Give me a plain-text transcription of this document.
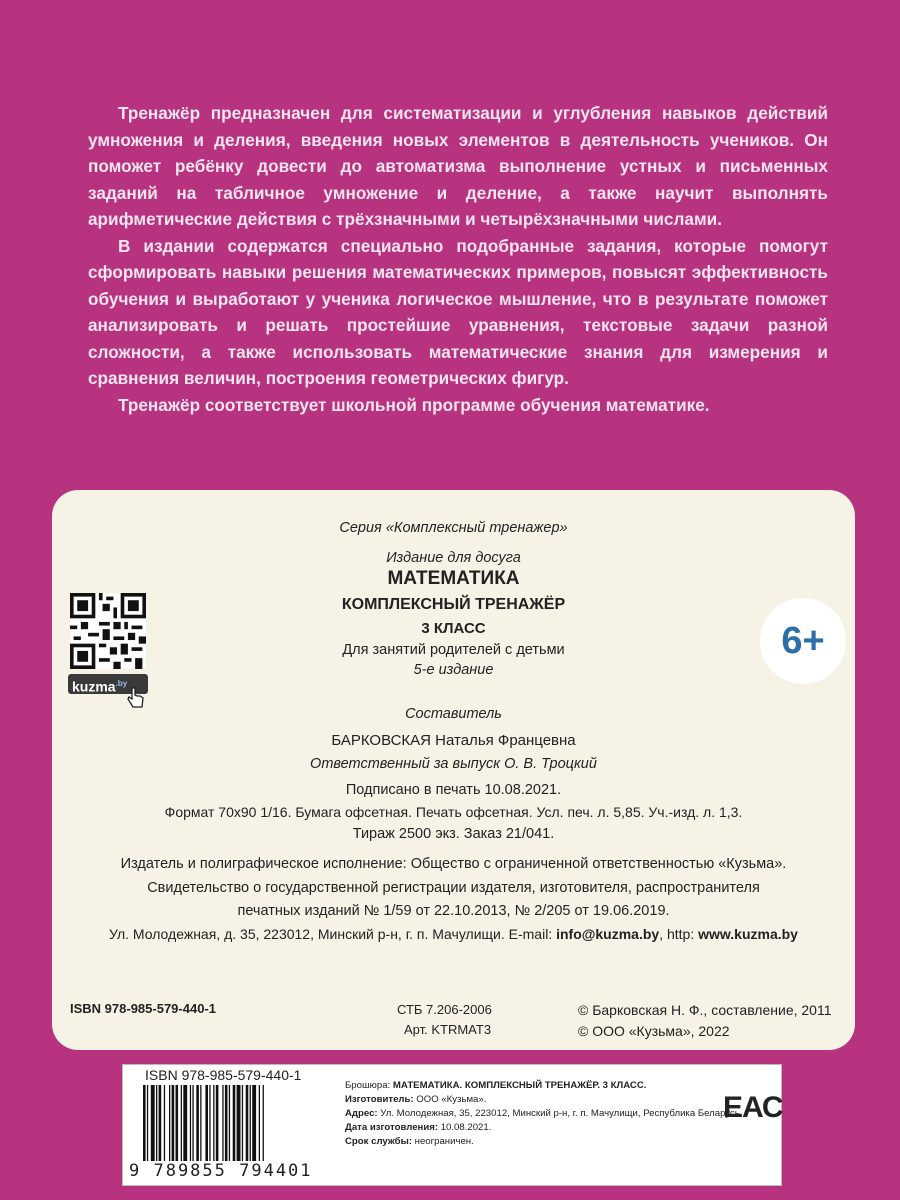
Тренажёр предназначен для систематизации и углубления навыков действий умножения и деления, введения новых элементов в деятельность учеников. Он поможет ребёнку довести до автоматизма выполнение устных и письменных заданий на табличное умножение и деление, а также научит выполнять арифметические действия с трёхзначными и четырёхзначными числами.

В издании содержатся специально подобранные задания, которые помогут сформировать навыки решения математических примеров, повысят эффективность обучения и выработают у ученика логическое мышление, что в результате поможет анализировать и решать простейшие уравнения, текстовые задачи разной сложности, а также использовать математические знания для измерения и сравнения величин, построения геометрических фигур.

Тренажёр соответствует школьной программе обучения математике.

Серия «Комплексный тренажер»
Издание для досуга
МАТЕМАТИКА
КОМПЛЕКСНЫЙ ТРЕНАЖЁР
3 КЛАСС
Для занятий родителей с детьми
5-е издание
Составитель
БАРКОВСКАЯ Наталья Францевна
Ответственный за выпуск О. В. Троцкий
Подписано в печать 10.08.2021.
Формат 70x90 1/16. Бумага офсетная. Печать офсетная. Усл. печ. л. 5,85. Уч.-изд. л. 1,3.
Тираж 2500 экз. Заказ 21/041.
Издатель и полиграфическое исполнение: Общество с ограниченной ответственностью «Кузьма».
Свидетельство о государственной регистрации издателя, изготовителя, распространителя
печатных изданий № 1/59 от 22.10.2013, № 2/205 от 19.06.2019.
Ул. Молодежная, д. 35, 223012, Минский р-н, г. п. Мачулищи. E-mail: info@kuzma.by, http: www.kuzma.by
kuzma$^{.by}$
6+
ISBN 978-985-579-440-1	СТБ 7.206-2006
Арт. KTRMAT3
© Барковская Н. Ф., составление, 2011
© ООО «Кузьма», 2022
ISBN 978-985-579-440-1
9 789855 794401
Брошюра: МАТЕМАТИКА. КОМПЛЕКСНЫЙ ТРЕНАЖЁР. 3 КЛАСС.
Изготовитель: ООО «Кузьма».
Адрес: Ул. Молодежная, 35, 223012, Минский р-н, г. п. Мачулищи, Республика Беларусь.
Дата изготовления: 10.08.2021.
Срок службы: неограничен.
ЕАС
